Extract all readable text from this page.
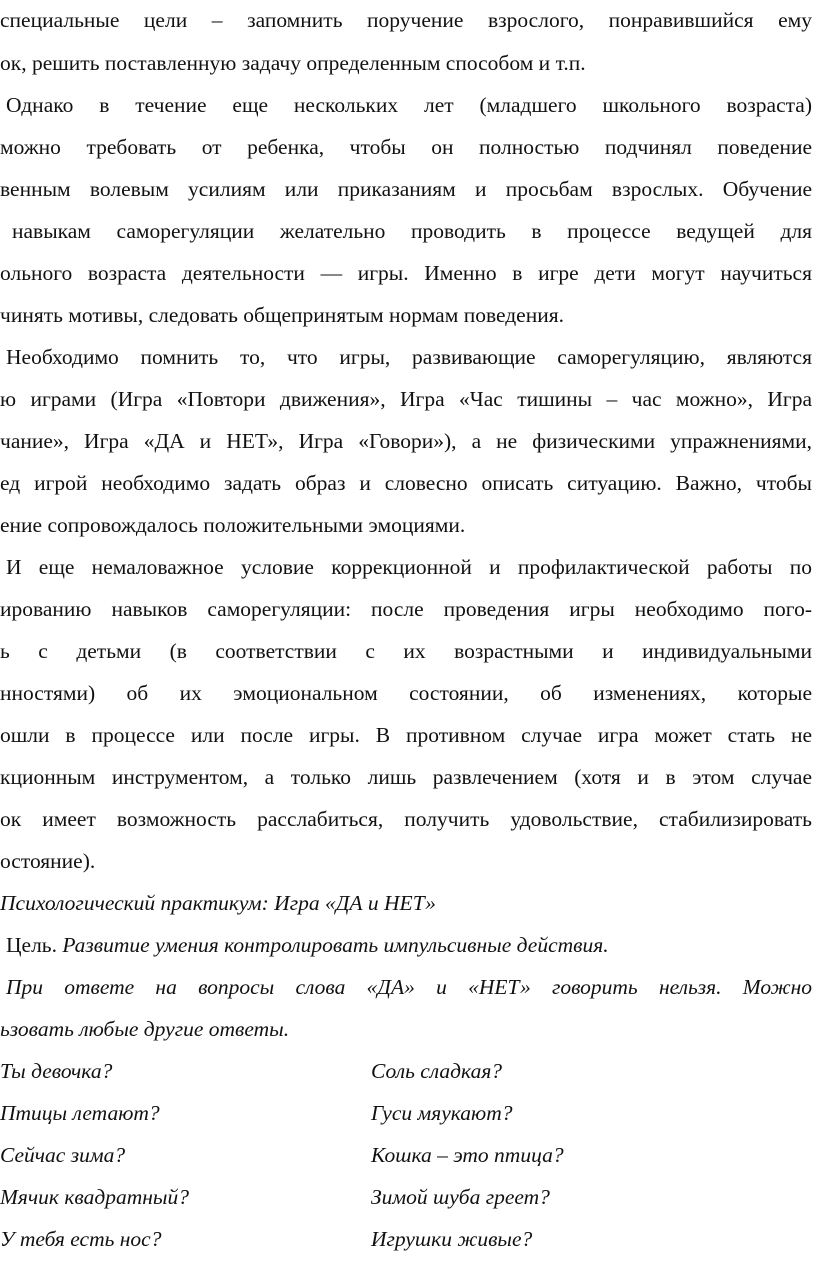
специальные цели – запомнить поручение взрослого, понравившийся ему
ок, решить поставленную задачу определенным способом и т.п.
Однако в течение еще нескольких лет (младшего школьного возраста)
можно требовать от ребенка, чтобы он полностью подчинял поведение
венным волевым усилиям или приказаниям и просьбам взрослых. Обучение
навыкам саморегуляции желательно проводить в процессе ведущей для
ольного возраста деятельности — игры. Именно в игре дети могут научиться
чинять мотивы, следовать общепринятым нормам поведения.
Необходимо помнить то, что игры, развивающие саморегуляцию, являются
ю играми (Игра «Повтори движения», Игра «Час тишины – час можно», Игра
чание», Игра «ДА и НЕТ», Игра «Говори»), а не физическими упражнениями,
ед игрой необходимо задать образ и словесно описать ситуацию. Важно, чтобы
ение сопровождалось положительными эмоциями.
И еще немаловажное условие коррекционной и профилактической работы по
ированию навыков саморегуляции: после проведения игры необходимо пого-
ь с детьми (в соответствии с их возрастными и индивидуальными
нностями) об их эмоциональном состоянии, об изменениях, которые
ошли в процессе или после игры. В противном случае игра может стать не
кционным инструментом, а только лишь развлечением (хотя и в этом случае
ок имеет возможность расслабиться, получить удовольствие, стабилизировать
остояние).
Психологический практикум: Игра «ДА и НЕТ»
Цель. Развитие умения контролировать импульсивные действия.
При ответе на вопросы слова «ДА» и «НЕТ» говорить нельзя. Можно
ьзовать любые другие ответы.
Ты девочка?	Соль сладкая?
Птицы летают?	Гуси мяукают?
Сейчас зима?	Кошка – это птица?
Мячик квадратный?	Зимой шуба греет?
У тебя есть нос?	Игрушки живые?
